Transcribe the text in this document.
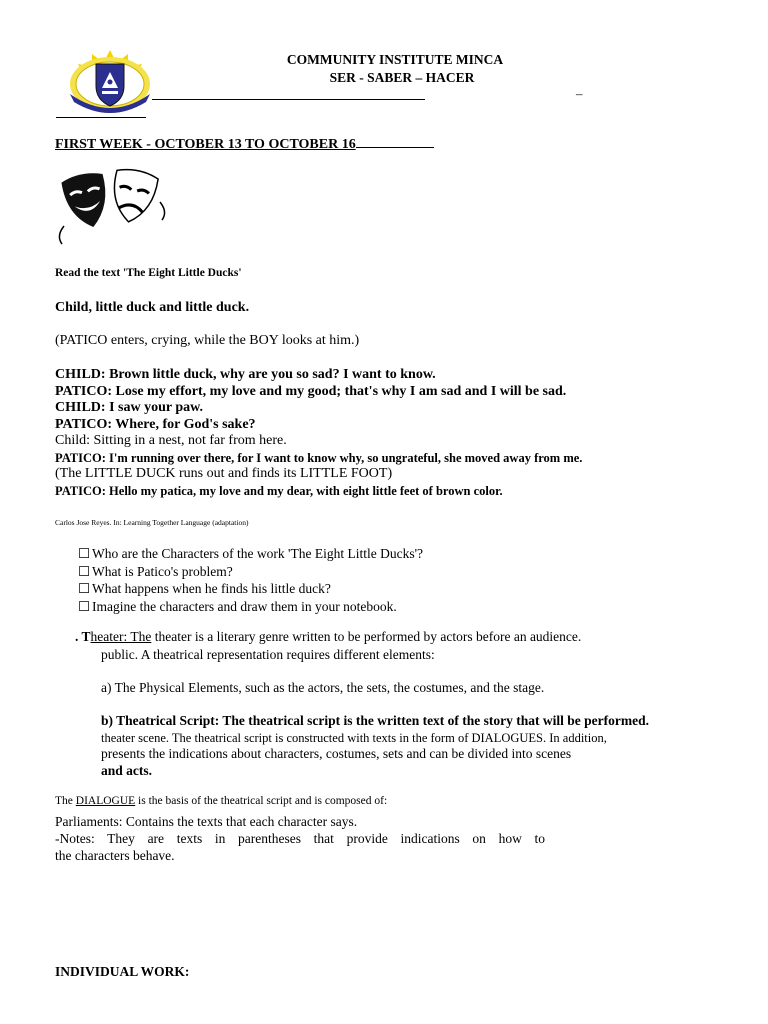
COMMUNITY INSTITUTE MINCA
SER - SABER – HACER
–
FIRST WEEK - OCTOBER 13 TO OCTOBER 16
Read the text 'The Eight Little Ducks'
Child, little duck and little duck.
(PATICO enters, crying, while the BOY looks at him.)
CHILD: Brown little duck, why are you so sad? I want to know.
PATICO: Lose my effort, my love and my good; that's why I am sad and I will be sad.
CHILD: I saw your paw.
PATICO: Where, for God's sake?
Child: Sitting in a nest, not far from here.
PATICO: I'm running over there, for I want to know why, so ungrateful, she moved away from me.
(The LITTLE DUCK runs out and finds its LITTLE FOOT)
PATICO: Hello my patica, my love and my dear, with eight little feet of brown color.
Carlos Jose Reyes. In: Learning Together Language (adaptation)
☐ Who are the Characters of the work 'The Eight Little Ducks'?
☐ What is Patico's problem?
☐ What happens when he finds his little duck?
☐ Imagine the characters and draw them in your notebook.
. Theater: The theater is a literary genre written to be performed by actors before an audience.
public. A theatrical representation requires different elements:
a) The Physical Elements, such as the actors, the sets, the costumes, and the stage.
b) Theatrical Script: The theatrical script is the written text of the story that will be performed.
theater scene. The theatrical script is constructed with texts in the form of DIALOGUES. In addition,
presents the indications about characters, costumes, sets and can be divided into scenes
and acts.
The DIALOGUE is the basis of the theatrical script and is composed of:
Parliaments: Contains the texts that each character says.
-Notes: They are texts in parentheses that provide indications on how to
the characters behave.
INDIVIDUAL WORK:
